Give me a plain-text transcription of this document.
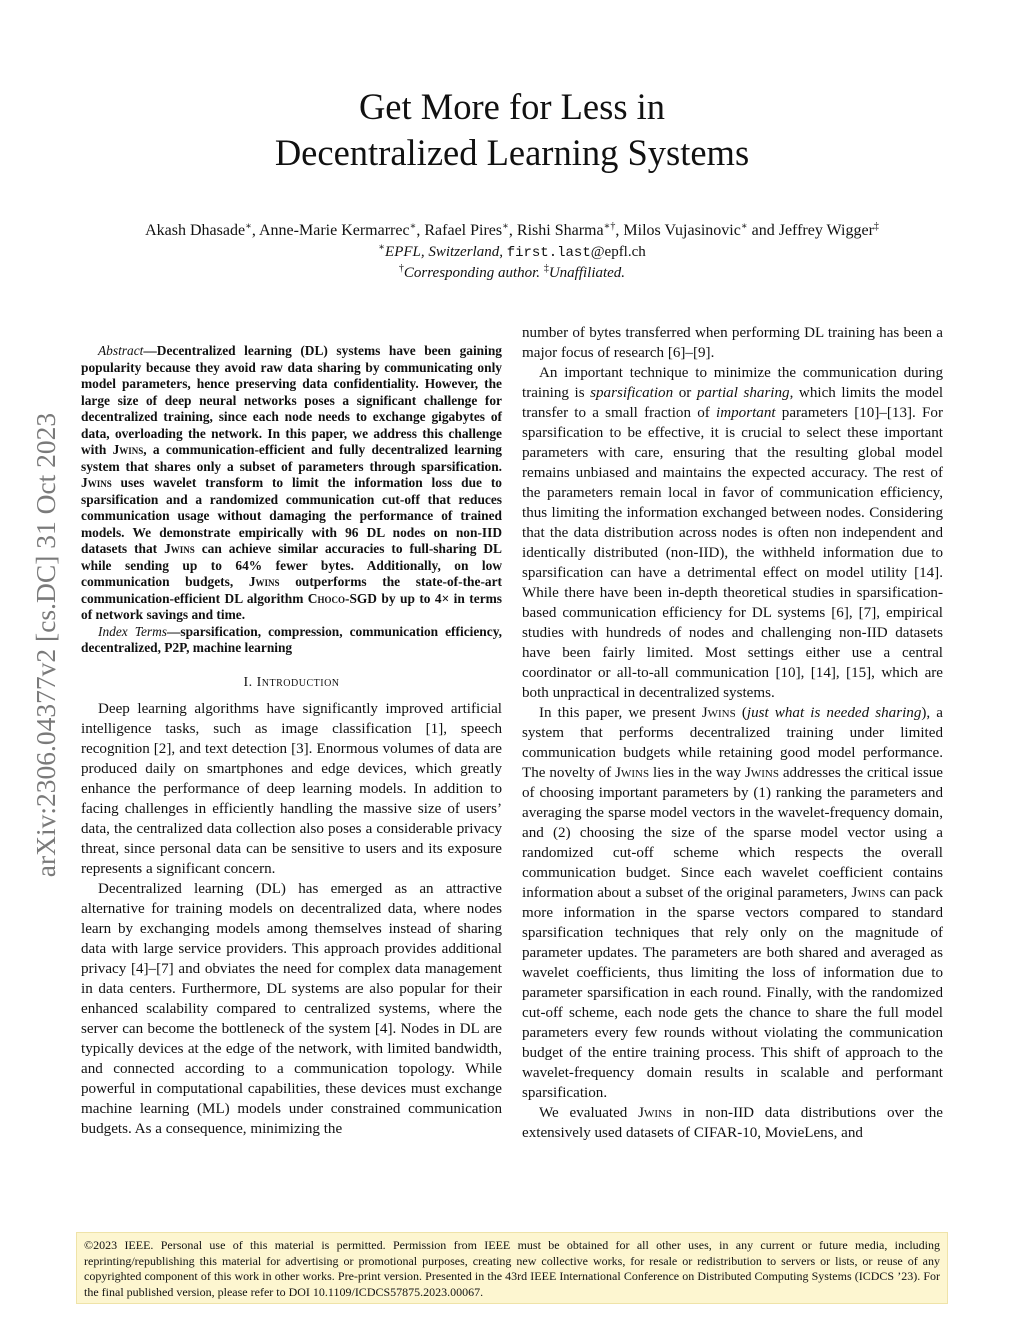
arXiv:2306.04377v2 [cs.DC] 31 Oct 2023
Get More for Less in
Decentralized Learning Systems
Akash Dhasade∗, Anne-Marie Kermarrec∗, Rafael Pires∗, Rishi Sharma∗†, Milos Vujasinovic∗ and Jeffrey Wigger‡
∗EPFL, Switzerland, first.last@epfl.ch
†Corresponding author. ‡Unaffiliated.

Abstract—Decentralized learning (DL) systems have been gaining popularity because they avoid raw data sharing by communicating only model parameters, hence preserving data confidentiality. However, the large size of deep neural networks poses a significant challenge for decentralized training, since each node needs to exchange gigabytes of data, overloading the network. In this paper, we address this challenge with Jwins, a communication-efficient and fully decentralized learning system that shares only a subset of parameters through sparsification. Jwins uses wavelet transform to limit the information loss due to sparsification and a randomized communication cut-off that reduces communication usage without damaging the performance of trained models. We demonstrate empirically with 96 DL nodes on non-IID datasets that Jwins can achieve similar accuracies to full-sharing DL while sending up to 64% fewer bytes. Additionally, on low communication budgets, Jwins outperforms the state-of-the-art communication-efficient DL algorithm Choco-SGD by up to 4× in terms of network savings and time.

Index Terms—sparsification, compression, communication efficiency, decentralized, P2P, machine learning

I. Introduction

Deep learning algorithms have significantly improved artificial intelligence tasks, such as image classification [1], speech recognition [2], and text detection [3]. Enormous volumes of data are produced daily on smartphones and edge devices, which greatly enhance the performance of deep learning models. In addition to facing challenges in efficiently handling the massive size of users’ data, the centralized data collection also poses a considerable privacy threat, since personal data can be sensitive to users and its exposure represents a significant concern.

Decentralized learning (DL) has emerged as an attractive alternative for training models on decentralized data, where nodes learn by exchanging models among themselves instead of sharing data with large service providers. This approach provides additional privacy [4]–[7] and obviates the need for complex data management in data centers. Furthermore, DL systems are also popular for their enhanced scalability compared to centralized systems, where the server can become the bottleneck of the system [4]. Nodes in DL are typically devices at the edge of the network, with limited bandwidth, and connected according to a communication topology. While powerful in computational capabilities, these devices must exchange machine learning (ML) models under constrained communication budgets. As a consequence, minimizing the

number of bytes transferred when performing DL training has been a major focus of research [6]–[9].

An important technique to minimize the communication during training is sparsification or partial sharing, which limits the model transfer to a small fraction of important parameters [10]–[13]. For sparsification to be effective, it is crucial to select these important parameters with care, ensuring that the resulting global model remains unbiased and maintains the expected accuracy. The rest of the parameters remain local in favor of communication efficiency, thus limiting the information exchanged between nodes. Considering that the data distribution across nodes is often non independent and identically distributed (non-IID), the withheld information due to sparsification can have a detrimental effect on model utility [14]. While there have been in-depth theoretical studies in sparsification-based communication efficiency for DL systems [6], [7], empirical studies with hundreds of nodes and challenging non-IID datasets have been fairly limited. Most settings either use a central coordinator or all-to-all communication [10], [14], [15], which are both unpractical in decentralized systems.

In this paper, we present Jwins (just what is needed sharing), a system that performs decentralized training under limited communication budgets while retaining good model performance. The novelty of Jwins lies in the way Jwins addresses the critical issue of choosing important parameters by (1) ranking the parameters and averaging the sparse model vectors in the wavelet-frequency domain, and (2) choosing the size of the sparse model vector using a randomized cut-off scheme which respects the overall communication budget. Since each wavelet coefficient contains information about a subset of the original parameters, Jwins can pack more information in the sparse vectors compared to standard sparsification techniques that rely only on the magnitude of parameter updates. The parameters are both shared and averaged as wavelet coefficients, thus limiting the loss of information due to parameter sparsification in each round. Finally, with the randomized cut-off scheme, each node gets the chance to share the full model parameters every few rounds without violating the communication budget of the entire training process. This shift of approach to the wavelet-frequency domain results in scalable and performant sparsification.

We evaluated Jwins in non-IID data distributions over the extensively used datasets of CIFAR-10, MovieLens, and

©2023 IEEE. Personal use of this material is permitted. Permission from IEEE must be obtained for all other uses, in any current or future media, including reprinting/republishing this material for advertising or promotional purposes, creating new collective works, for resale or redistribution to servers or lists, or reuse of any copyrighted component of this work in other works. Pre-print version. Presented in the 43rd IEEE International Conference on Distributed Computing Systems (ICDCS ’23). For the final published version, please refer to DOI 10.1109/ICDCS57875.2023.00067.
